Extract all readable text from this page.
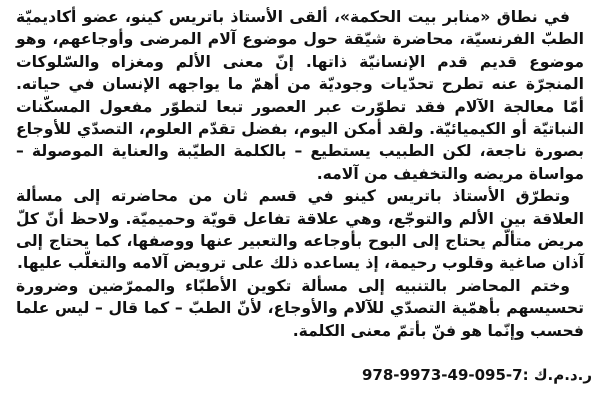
في نطاق «منابر بيت الحكمة»، ألقى الأستاذ باتريس كينو، عضو أكاديميّة الطبّ الفرنسيّة، محاضرة شيّقة حول موضوع آلام المرضى وأوجاعهم، وهو موضوع قديم قدم الإنسانيّة ذاتها. إنّ معنى الألم ومغزاه والسّلوكات المنجرّة عنه تطرح تحدّيات وجوديّة من أهمّ ما يواجهه الإنسان في حياته. أمّا معالجة الآلام فقد تطوّرت عبر العصور تبعا لتطوّر مفعول المسكّنات النباتيّة أو الكيميائيّة. ولقد أمكن اليوم، بفضل تقدّم العلوم، التصدّي للأوجاع بصورة ناجعة، لكن الطبيب يستطيع – بالكلمة الطيّبة والعناية الموصولة – مواساة مريضه والتخفيف من آلامه.

وتطرّق الأستاذ باتريس كينو في قسم ثان من محاضرته إلى مسألة العلاقة بين الألم والتوجّع، وهي علاقة تفاعل قويّة وحميميّة. ولاحظ أنّ كلّ مريض متألّم يحتاج إلى البوح بأوجاعه والتعبير عنها ووصفها، كما يحتاج إلى آذان صاغية وقلوب رحيمة، إذ يساعده ذلك على ترويض آلامه والتغلّب عليها.

وختم المحاضر بالتنبيه إلى مسألة تكوين الأطبّاء والممرّضين وضرورة تحسيسهم بأهمّية التصدّي للآلام والأوجاع، لأنّ الطبّ – كما قال – ليس علما فحسب وإنّما هو فنّ بأتمّ معنى الكلمة.

978-9973-49-095-7 ر.د.م.ك :
